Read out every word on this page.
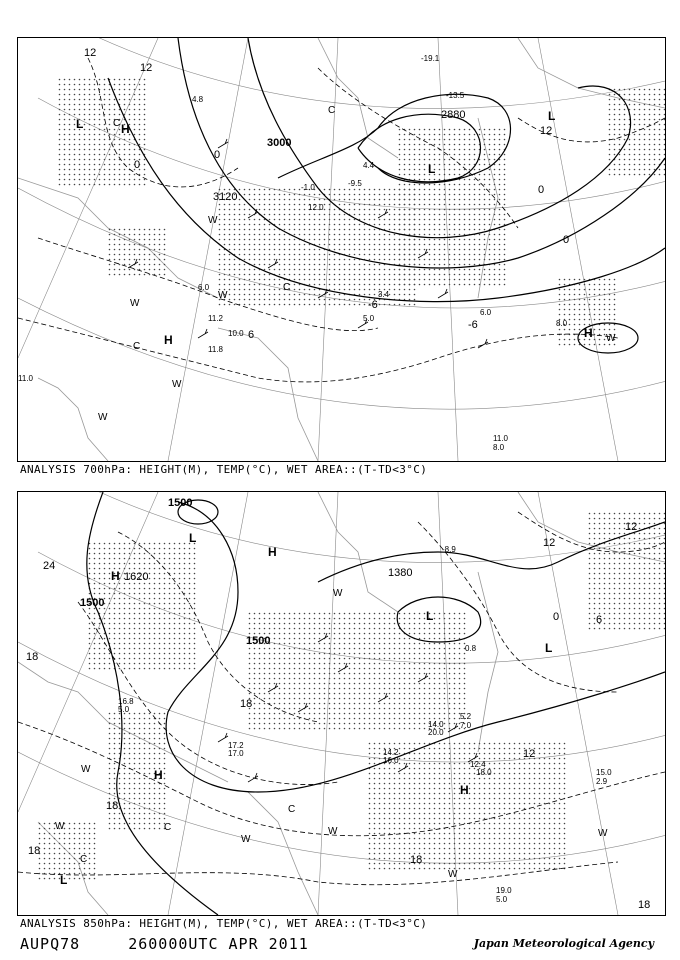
3000
2880
3120
12
12
0
0
0
0
-6
-6
6
12
L	H
L
L
H
H
W
W
W
W
W
C
C
C
C
W
-19.1
-13.5
-9.5
4.8
6.0
11.0
11.2
12.0
10.0
11.8
5.0
8.0
6.0
3.4
4.4
-1.0
11.0
8.0
ANALYSIS 700hPa: HEIGHT(M), TEMP(°C), WET AREA::(T-TD<3°C)
1500
1500
1500
1380
1620
24
18
18
18
18
12
12
12
6
0
18
18
L
H
H
L
L
H
L
H
W
W
W
W	W
C
C
C
W
W
14.2
16.0	12.4
18.0	15.0
2.9
19.0
5.0
5.2
7.0
14.0
20.0
17.2
17.0
16.8
5.0
-8.9
0.8
ANALYSIS 850hPa: HEIGHT(M), TEMP(°C), WET AREA::(T-TD<3°C)
AUPQ78	260000UTC APR 2011	Japan Meteorological Agency
